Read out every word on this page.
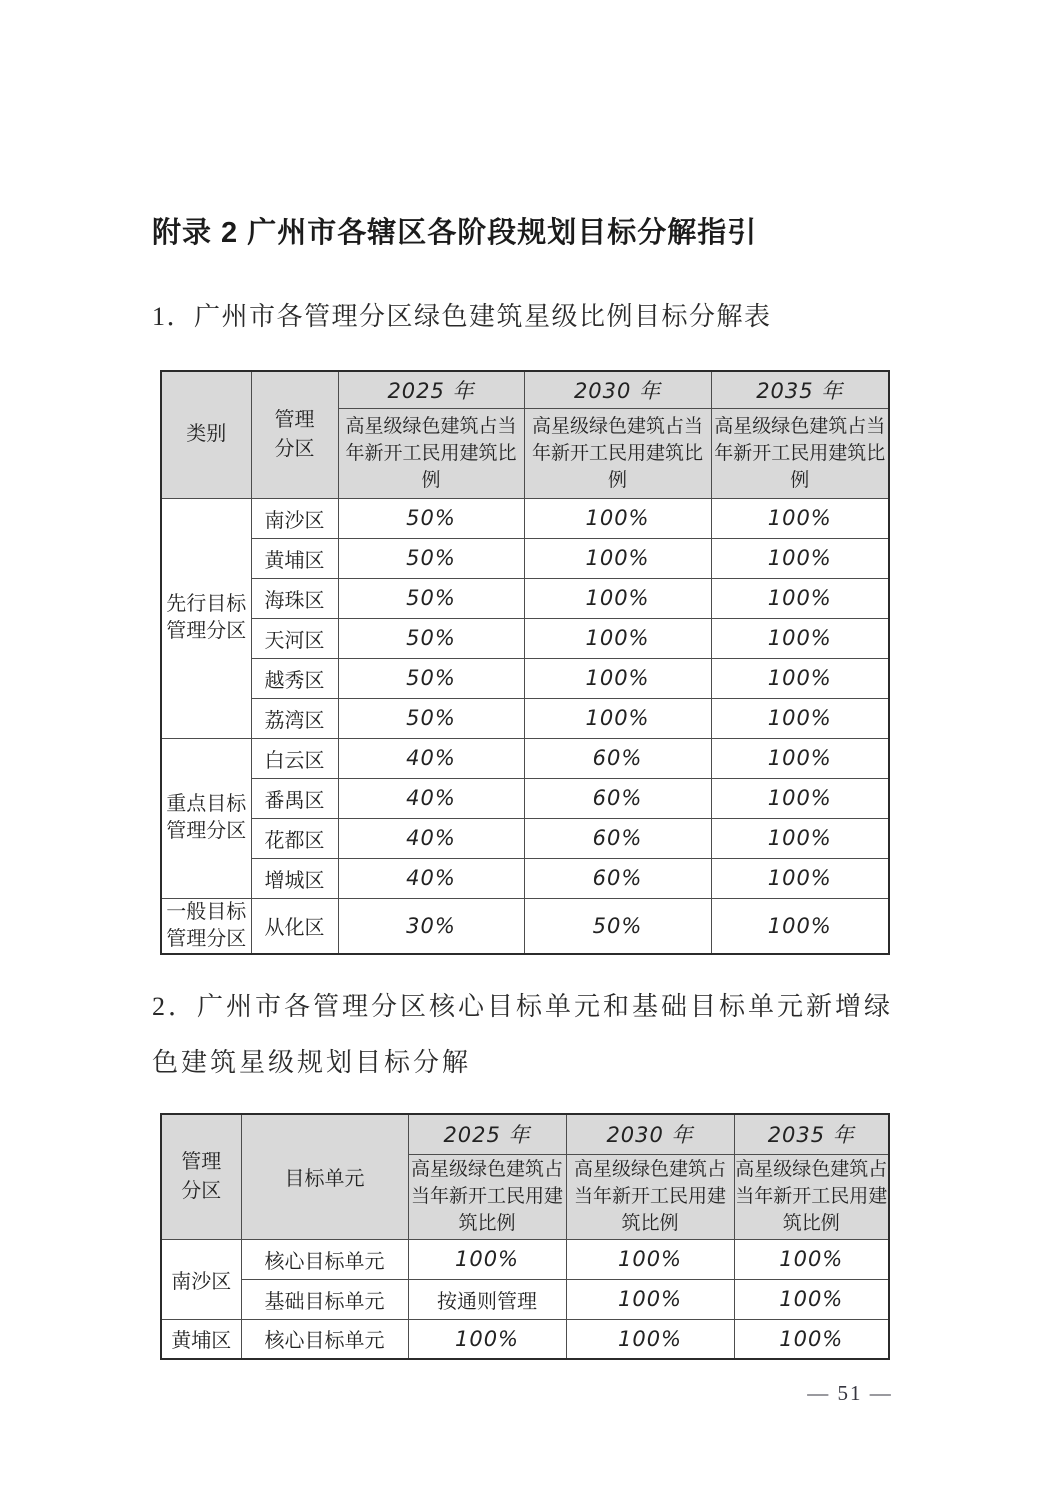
附录 2 广州市各辖区各阶段规划目标分解指引
1．广州市各管理分区绿色建筑星级比例目标分解表
类别	管理分区	2025 年	2030 年	2035 年
		高星级绿色建筑占当年新开工民用建筑比例	高星级绿色建筑占当年新开工民用建筑比例	高星级绿色建筑占当年新开工民用建筑比例
先行目标管理分区	南沙区	50%	100%	100%
	黄埔区	50%	100%	100%
	海珠区	50%	100%	100%
	天河区	50%	100%	100%
	越秀区	50%	100%	100%
	荔湾区	50%	100%	100%
重点目标管理分区	白云区	40%	60%	100%
	番禺区	40%	60%	100%
	花都区	40%	60%	100%
	增城区	40%	60%	100%
一般目标管理分区	从化区	30%	50%	100%
2．广州市各管理分区核心目标单元和基础目标单元新增绿
色建筑星级规划目标分解
管理分区	目标单元	2025 年	2030 年	2035 年
		高星级绿色建筑占当年新开工民用建筑比例	高星级绿色建筑占当年新开工民用建筑比例	高星级绿色建筑占当年新开工民用建筑比例
南沙区	核心目标单元	100%	100%	100%
	基础目标单元	按通则管理	100%	100%
黄埔区	核心目标单元	100%	100%	100%
— 51 —
